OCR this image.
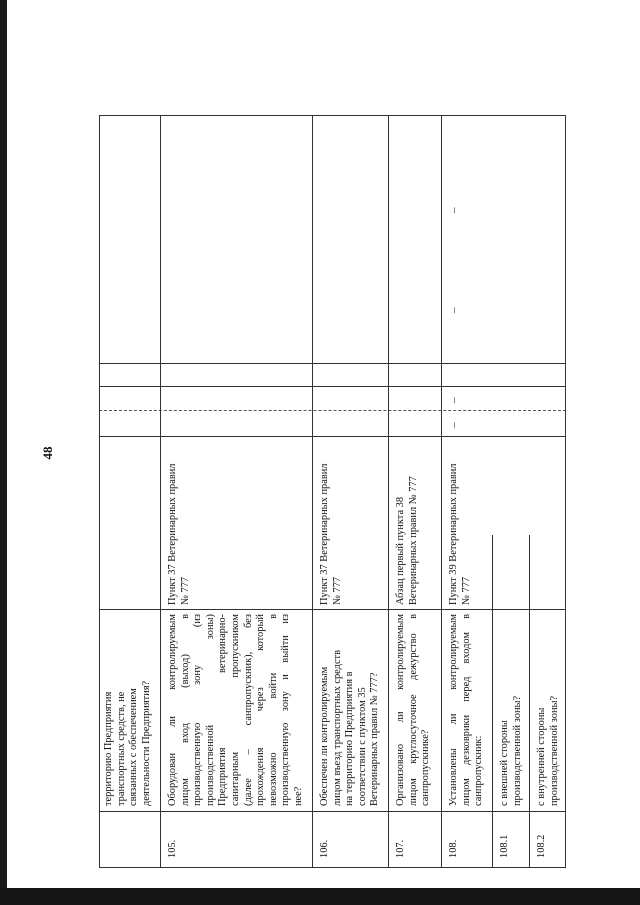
48
территорию Предприятия транспортных средств, не связанных с обеспечением деятельности Предприятия?
105.
Оборудован ли контролируемым лицом вход (выход) в производственную зону (из производственной зоны) Предприятия ветеринарно- санитарным пропускником (далее – санпропускник), без прохождения через который невозможно войти в производственную зону и выйти из нее?
Пункт 37 Ветеринарных правил № 777
106.
Обеспечен ли контролируемым лицом въезд транспортных средств на территорию Предприятия в соответствии с пунктом 35 Ветеринарных правил № 777?
Пункт 37 Ветеринарных правил № 777
107.
Организовано ли контролируемым лицом круглосуточное дежурство в санпропускнике?
Абзац первый пункта 38 Ветеринарных правил № 777
108.
Установлены ли контролируемым лицом дезковрики перед входом в санпропускник:
Пункт 39 Ветеринарных правил № 777
–
–
–
–
108.1
с внешней стороны производственной зоны?
108.2
с внутренней стороны производственной зоны?
